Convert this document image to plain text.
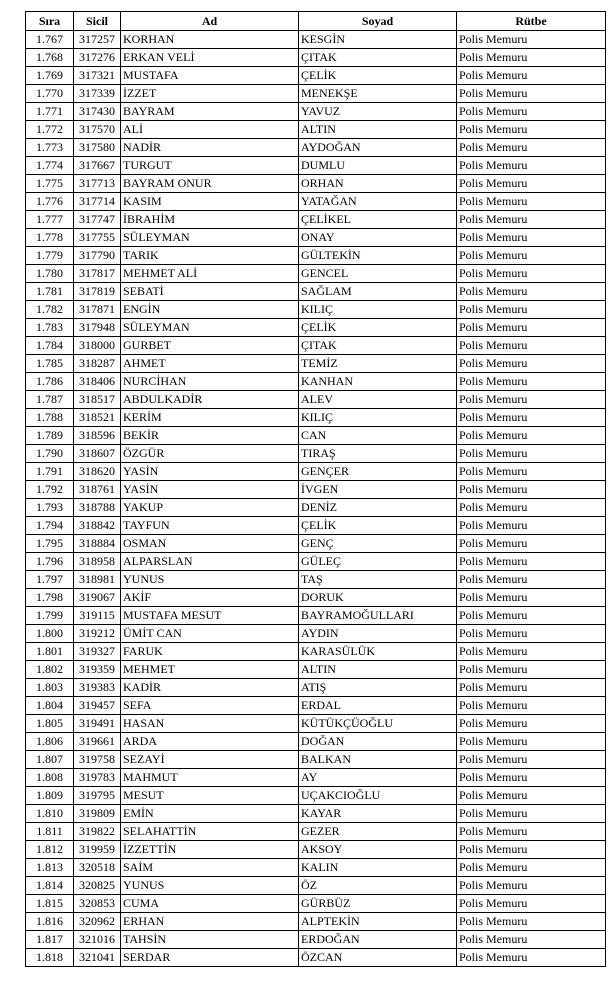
Sıra	Sicil	Ad	Soyad	Rütbe
1.767	317257	KORHAN	KESGİN	Polis Memuru
1.768	317276	ERKAN VELİ	ÇITAK	Polis Memuru
1.769	317321	MUSTAFA	ÇELİK	Polis Memuru
1.770	317339	İZZET	MENEKŞE	Polis Memuru
1.771	317430	BAYRAM	YAVUZ	Polis Memuru
1.772	317570	ALİ	ALTIN	Polis Memuru
1.773	317580	NADİR	AYDOĞAN	Polis Memuru
1.774	317667	TURGUT	DUMLU	Polis Memuru
1.775	317713	BAYRAM ONUR	ORHAN	Polis Memuru
1.776	317714	KASIM	YATAĞAN	Polis Memuru
1.777	317747	İBRAHİM	ÇELİKEL	Polis Memuru
1.778	317755	SÜLEYMAN	ONAY	Polis Memuru
1.779	317790	TARIK	GÜLTEKİN	Polis Memuru
1.780	317817	MEHMET ALİ	GENCEL	Polis Memuru
1.781	317819	SEBATİ	SAĞLAM	Polis Memuru
1.782	317871	ENGİN	KILIÇ	Polis Memuru
1.783	317948	SÜLEYMAN	ÇELİK	Polis Memuru
1.784	318000	GURBET	ÇITAK	Polis Memuru
1.785	318287	AHMET	TEMİZ	Polis Memuru
1.786	318406	NURCİHAN	KANHAN	Polis Memuru
1.787	318517	ABDULKADİR	ALEV	Polis Memuru
1.788	318521	KERİM	KILIÇ	Polis Memuru
1.789	318596	BEKİR	CAN	Polis Memuru
1.790	318607	ÖZGÜR	TIRAŞ	Polis Memuru
1.791	318620	YASİN	GENÇER	Polis Memuru
1.792	318761	YASİN	İVGEN	Polis Memuru
1.793	318788	YAKUP	DENİZ	Polis Memuru
1.794	318842	TAYFUN	ÇELİK	Polis Memuru
1.795	318884	OSMAN	GENÇ	Polis Memuru
1.796	318958	ALPARSLAN	GÜLEÇ	Polis Memuru
1.797	318981	YUNUS	TAŞ	Polis Memuru
1.798	319067	AKİF	DORUK	Polis Memuru
1.799	319115	MUSTAFA MESUT	BAYRAMOĞULLARI	Polis Memuru
1.800	319212	ÜMİT CAN	AYDIN	Polis Memuru
1.801	319327	FARUK	KARASÜLÜK	Polis Memuru
1.802	319359	MEHMET	ALTIN	Polis Memuru
1.803	319383	KADİR	ATIŞ	Polis Memuru
1.804	319457	SEFA	ERDAL	Polis Memuru
1.805	319491	HASAN	KÜTÜKÇÜOĞLU	Polis Memuru
1.806	319661	ARDA	DOĞAN	Polis Memuru
1.807	319758	SEZAYİ	BALKAN	Polis Memuru
1.808	319783	MAHMUT	AY	Polis Memuru
1.809	319795	MESUT	UÇAKCIOĞLU	Polis Memuru
1.810	319809	EMİN	KAYAR	Polis Memuru
1.811	319822	SELAHATTİN	GEZER	Polis Memuru
1.812	319959	İZZETTİN	AKSOY	Polis Memuru
1.813	320518	SAİM	KALIN	Polis Memuru
1.814	320825	YUNUS	ÖZ	Polis Memuru
1.815	320853	CUMA	GÜRBÜZ	Polis Memuru
1.816	320962	ERHAN	ALPTEKİN	Polis Memuru
1.817	321016	TAHSİN	ERDOĞAN	Polis Memuru
1.818	321041	SERDAR	ÖZCAN	Polis Memuru
